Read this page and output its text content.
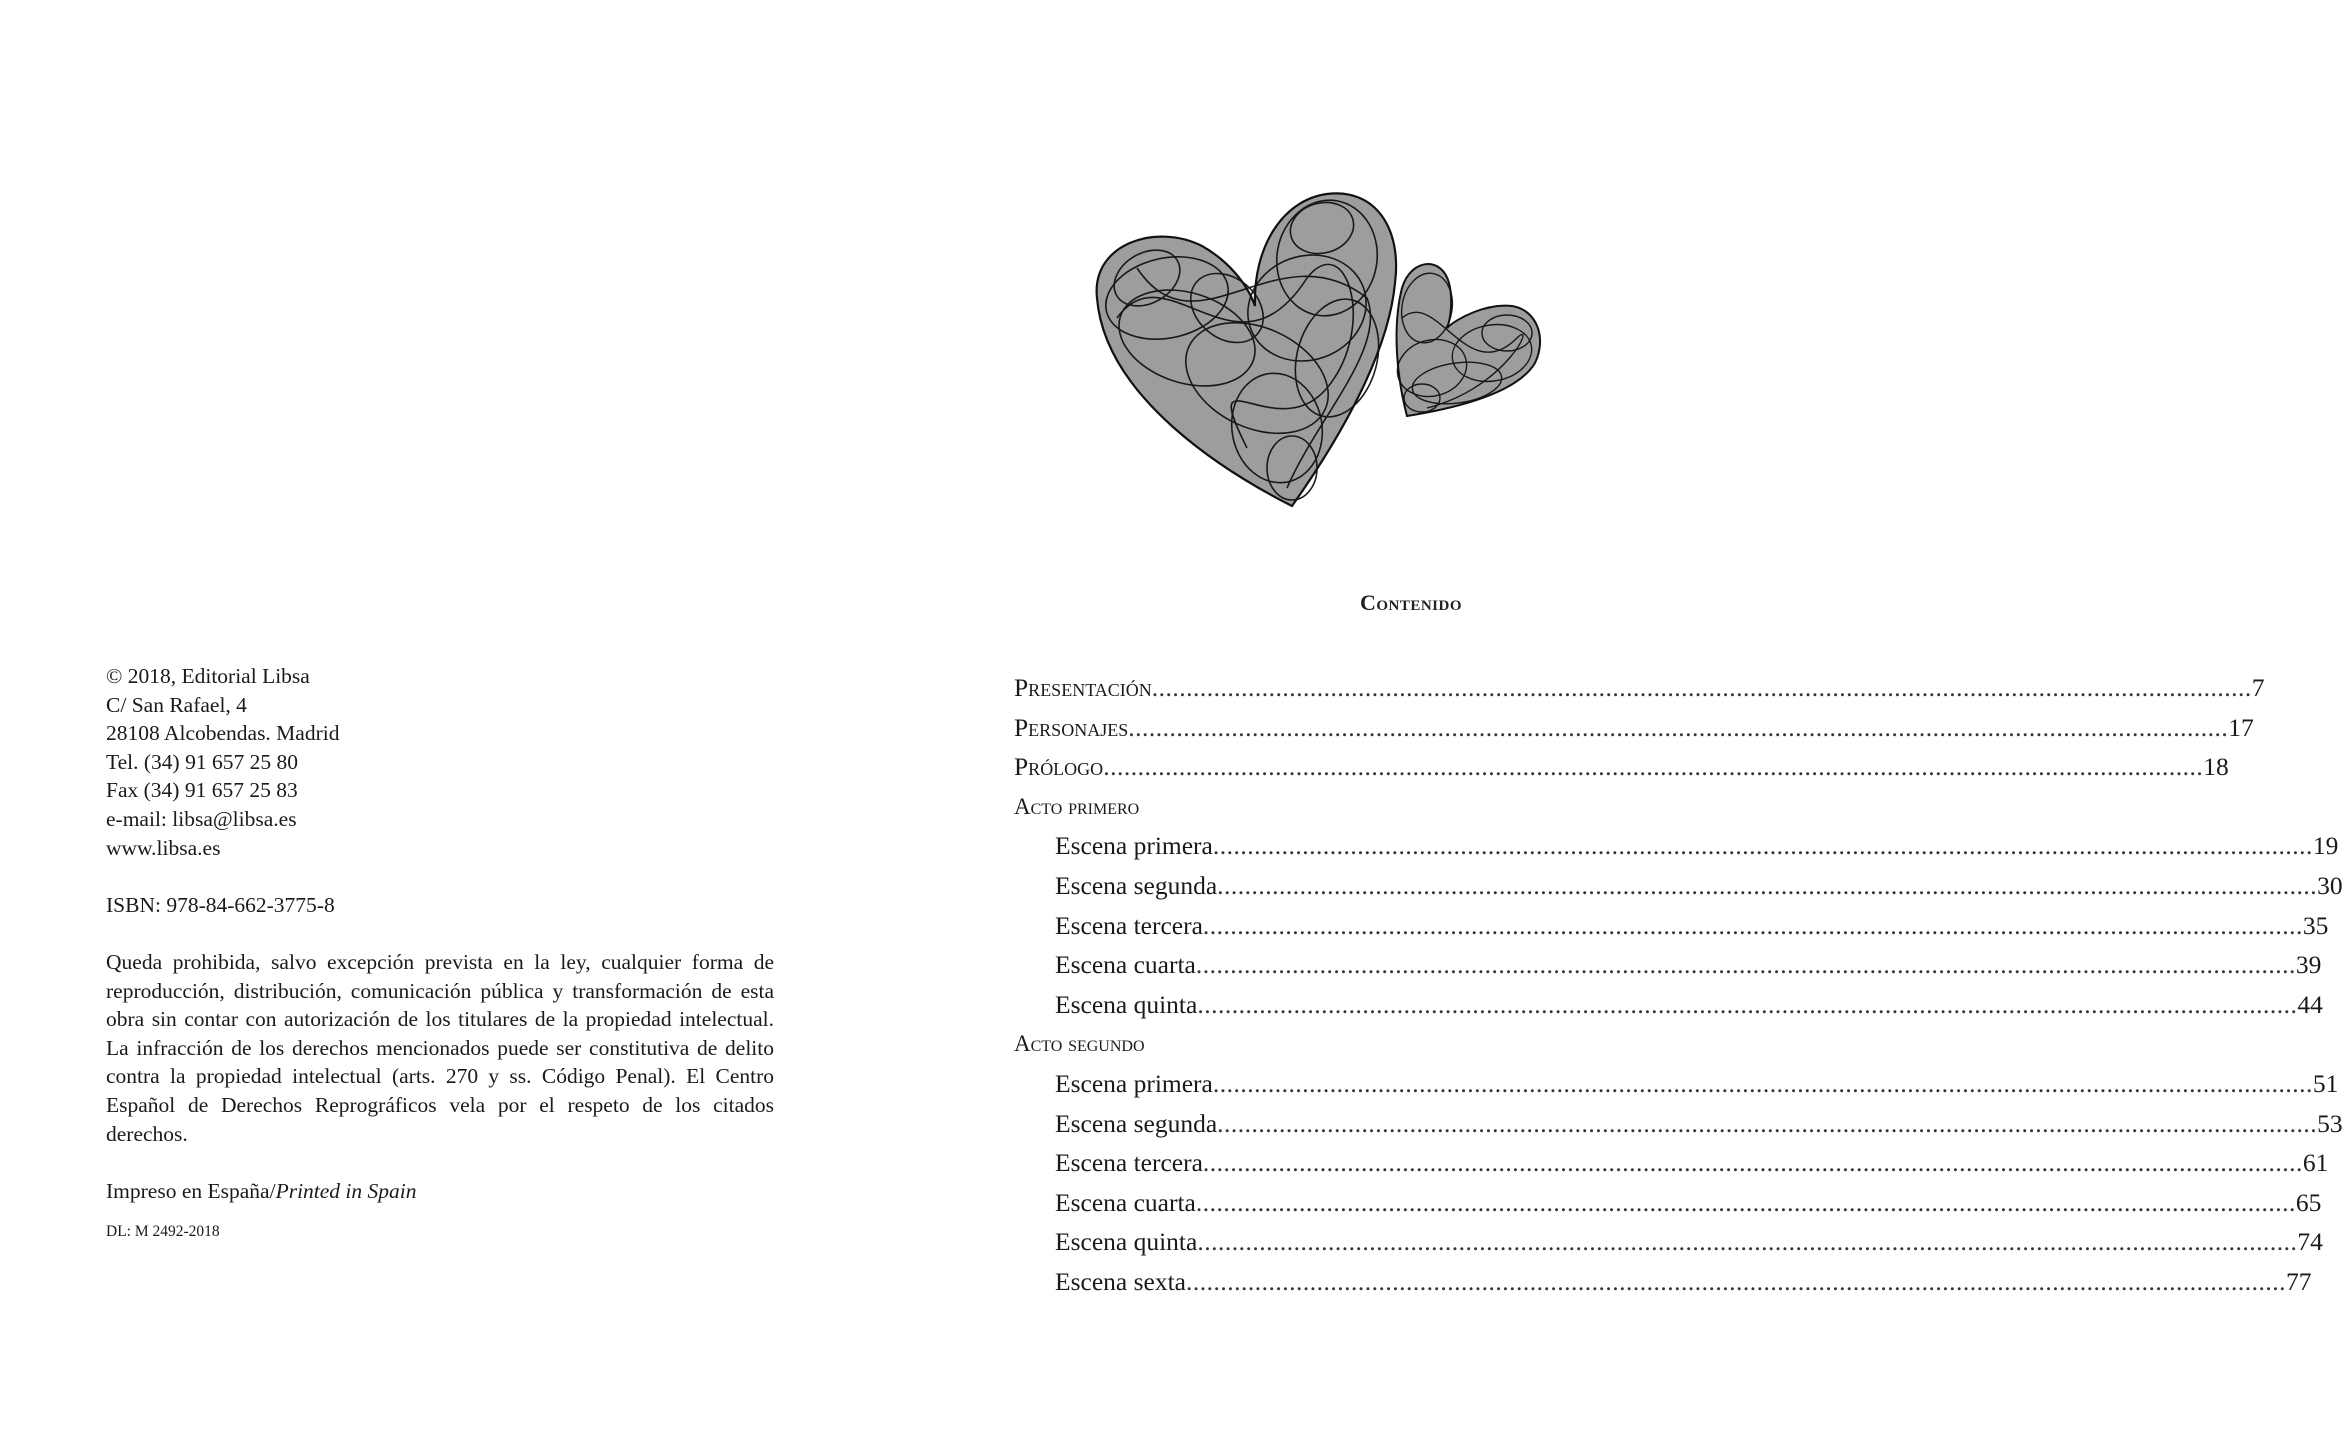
© 2018, Editorial Libsa
C/ San Rafael, 4
28108 Alcobendas. Madrid
Tel. (34) 91 657 25 80
Fax (34) 91 657 25 83
e-mail: libsa@libsa.es
www.libsa.es
ISBN: 978-84-662-3775-8
Queda prohibida, salvo excepción prevista en la ley, cualquier forma de reproducción, distribución, comunicación pública y transformación de esta obra sin contar con autorización de los titulares de la propiedad intelectual. La infracción de los derechos mencionados puede ser constitutiva de delito contra la propiedad intelectual (arts. 270 y ss. Código Penal). El Centro Español de Derechos Reprográficos vela por el respeto de los citados derechos.
Impreso en España/Printed in Spain
DL: M 2492-2018
Contenido
Presentación ................................................................................................................................................................ 7
Personajes ................................................................................................................................................................ 17
Prólogo ................................................................................................................................................................ 18
Acto primero
Escena primera ................................................................................................................................................................ 19
Escena segunda ................................................................................................................................................................ 30
Escena tercera ................................................................................................................................................................ 35
Escena cuarta ................................................................................................................................................................ 39
Escena quinta ................................................................................................................................................................ 44
Acto segundo
Escena primera ................................................................................................................................................................ 51
Escena segunda ................................................................................................................................................................ 53
Escena tercera ................................................................................................................................................................ 61
Escena cuarta ................................................................................................................................................................ 65
Escena quinta ................................................................................................................................................................ 74
Escena sexta ................................................................................................................................................................ 77
